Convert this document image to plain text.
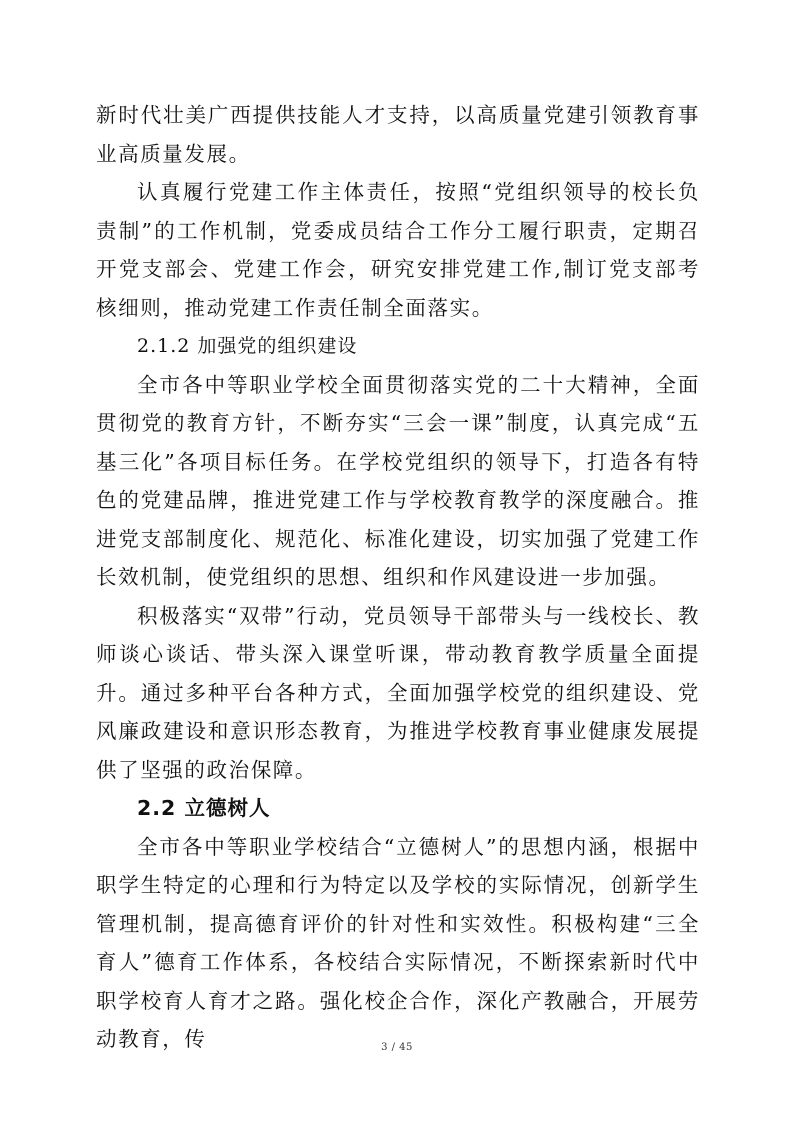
新时代壮美广西提供技能人才支持，以高质量党建引领教育事业高质量发展。

认真履行党建工作主体责任，按照“党组织领导的校长负责制”的工作机制，党委成员结合工作分工履行职责，定期召开党支部会、党建工作会，研究安排党建工作,制订党支部考核细则，推动党建工作责任制全面落实。

2.1.2 加强党的组织建设

全市各中等职业学校全面贯彻落实党的二十大精神，全面贯彻党的教育方针，不断夯实“三会一课”制度，认真完成“五基三化”各项目标任务。在学校党组织的领导下，打造各有特色的党建品牌，推进党建工作与学校教育教学的深度融合。推进党支部制度化、规范化、标准化建设，切实加强了党建工作长效机制，使党组织的思想、组织和作风建设进一步加强。

积极落实“双带”行动，党员领导干部带头与一线校长、教师谈心谈话、带头深入课堂听课，带动教育教学质量全面提升。通过多种平台各种方式，全面加强学校党的组织建设、党风廉政建设和意识形态教育，为推进学校教育事业健康发展提供了坚强的政治保障。

2.2 立德树人

全市各中等职业学校结合“立德树人”的思想内涵，根据中职学生特定的心理和行为特定以及学校的实际情况，创新学生管理机制，提高德育评价的针对性和实效性。积极构建“三全育人”德育工作体系，各校结合实际情况，不断探索新时代中职学校育人育才之路。强化校企合作，深化产教融合，开展劳动教育，传	3 / 45
